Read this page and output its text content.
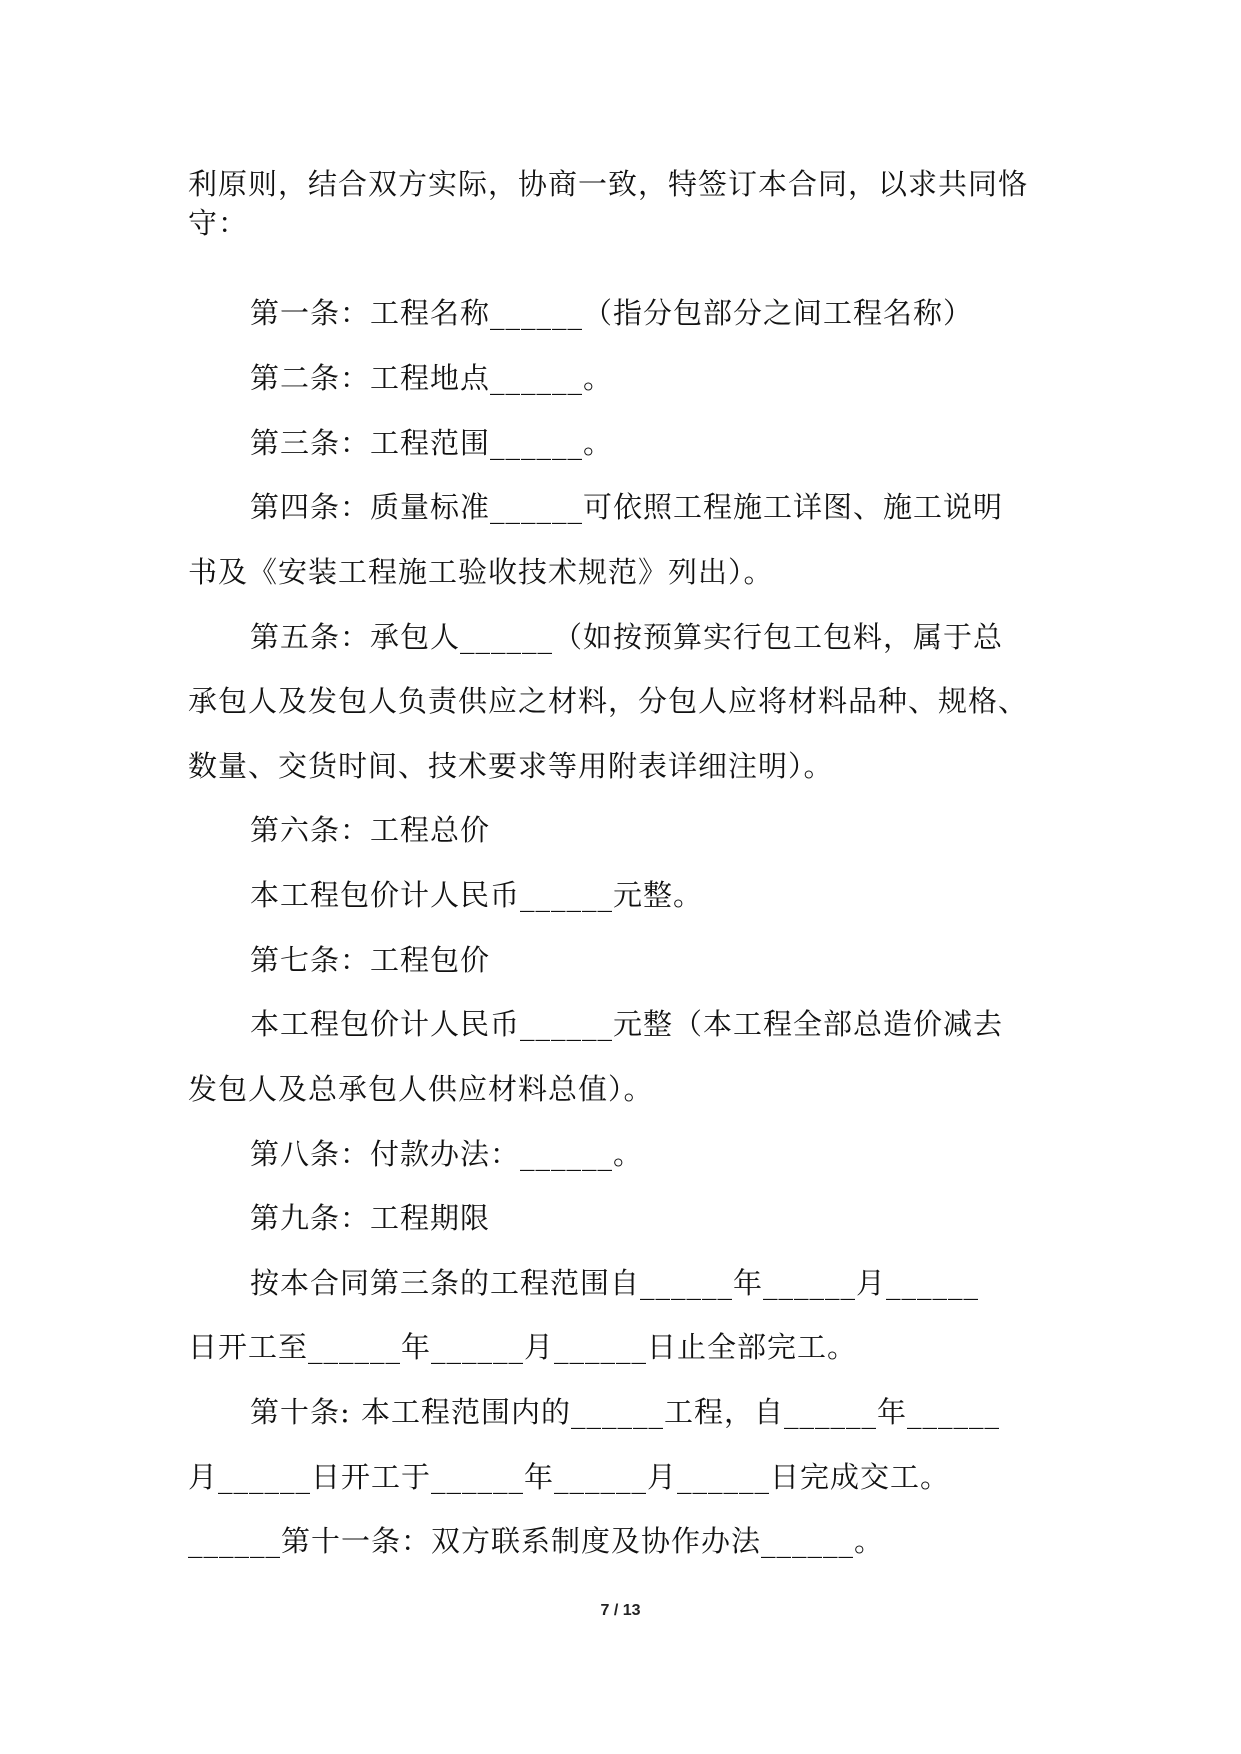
利原则，结合双方实际，协商一致，特签订本合同，以求共同恪
守：
第一条：工程名称______（指分包部分之间工程名称）
第二条：工程地点______。
第三条：工程范围______。
第四条：质量标准______可依照工程施工详图、施工说明
书及《安装工程施工验收技术规范》列出）。
第五条：承包人______（如按预算实行包工包料，属于总
承包人及发包人负责供应之材料，分包人应将材料品种、规格、
数量、交货时间、技术要求等用附表详细注明）。
第六条：工程总价
本工程包价计人民币______元整。
第七条：工程包价
本工程包价计人民币______元整（本工程全部总造价减去
发包人及总承包人供应材料总值）。
第八条：付款办法：______。
第九条：工程期限
按本合同第三条的工程范围自______年______月______
日开工至______年______月______日止全部完工。
第十条: 本工程范围内的______工程，自______年______
月______日开工于______年______月______日完成交工。
______第十一条：双方联系制度及协作办法______。
7 / 13
